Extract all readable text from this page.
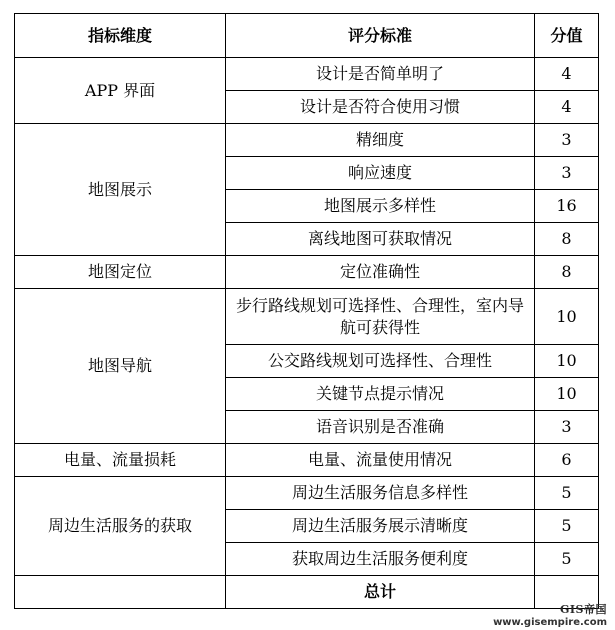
指标维度	评分标准	分值
APP 界面	设计是否简单明了	4
	设计是否符合使用习惯	4
地图展示	精细度	3
	响应速度	3
	地图展示多样性	16
	离线地图可获取情况	8
地图定位	定位准确性	8
地图导航	步行路线规划可选择性、合理性，室内导航可获得性	10
	公交路线规划可选择性、合理性	10
	关键节点提示情况	10
	语音识别是否准确	3
电量、流量损耗	电量、流量使用情况	6
周边生活服务的获取	周边生活服务信息多样性	5
	周边生活服务展示清晰度	5
	获取周边生活服务便利度	5
	总计	
GIS帝国
www.gisempire.com
